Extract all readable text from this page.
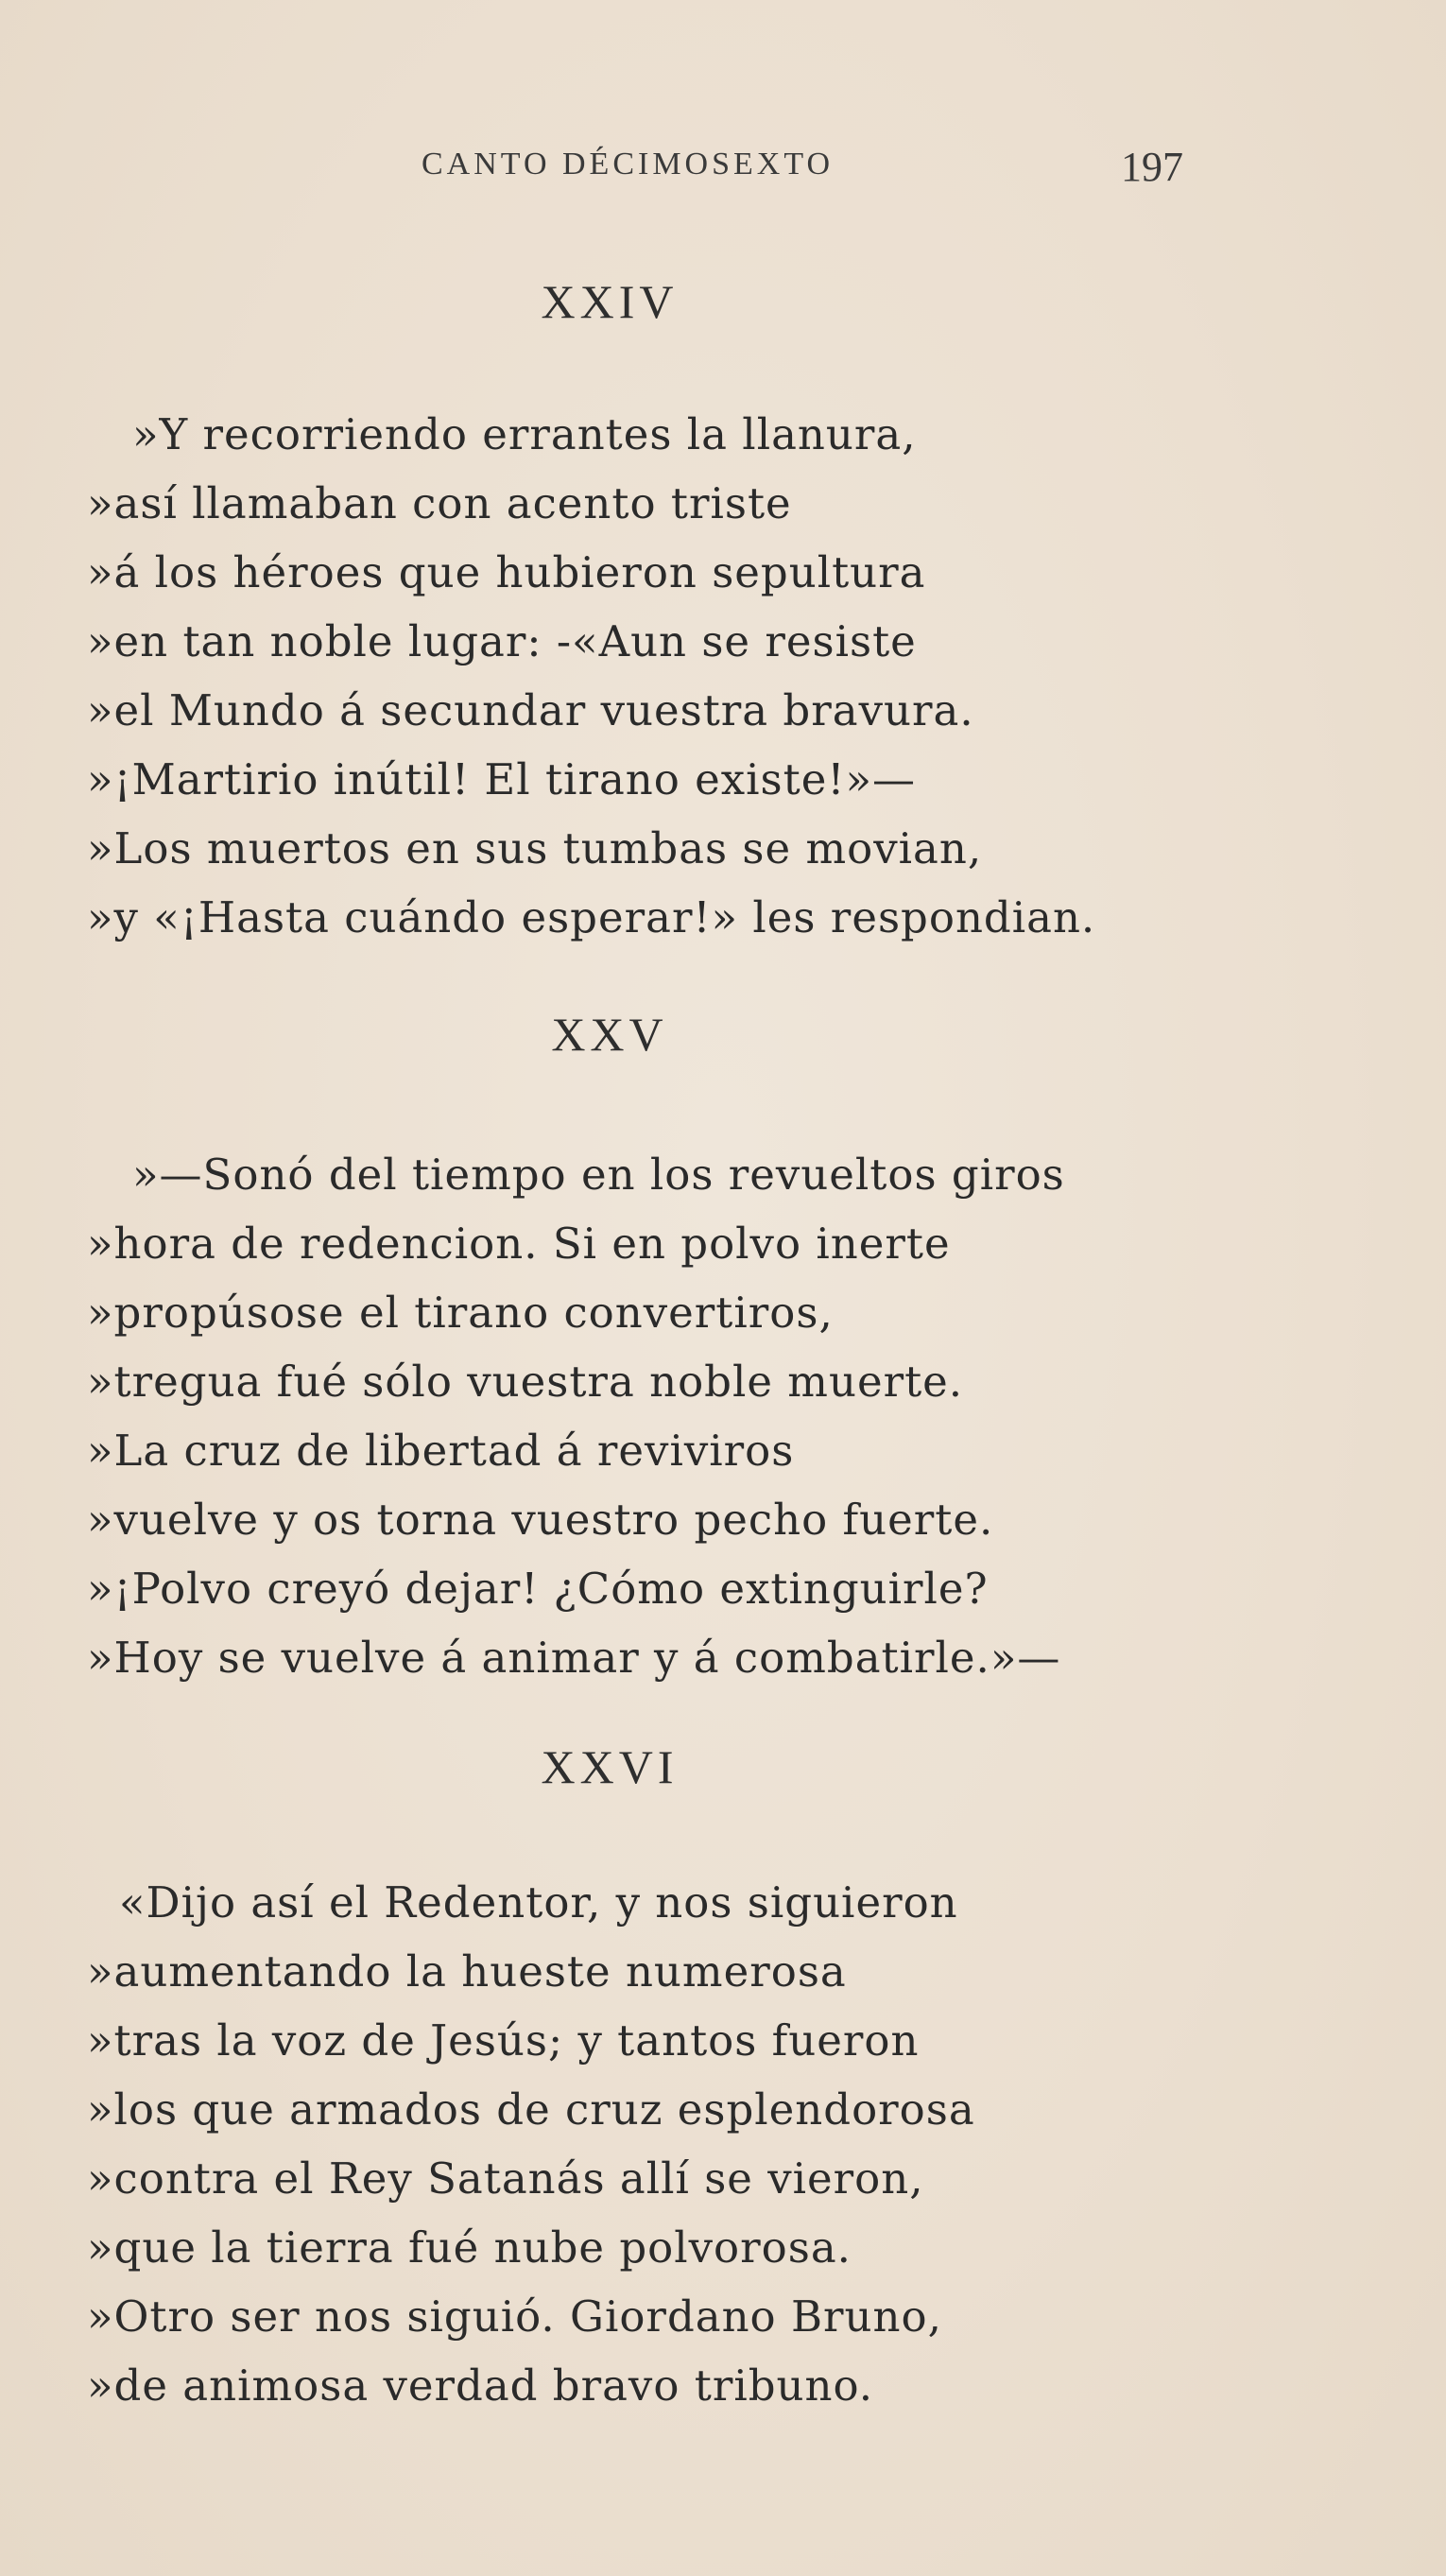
CANTO DÉCIMOSEXTO	197
XXIV
»Y recorriendo errantes la llanura,
»así llamaban con acento triste
»á los héroes que hubieron sepultura
»en tan noble lugar: -«Aun se resiste
»el Mundo á secundar vuestra bravura.
»¡Martirio inútil! El tirano existe!»—
»Los muertos en sus tumbas se movian,
»y «¡Hasta cuándo esperar!» les respondian.
XXV
»—Sonó del tiempo en los revueltos giros
»hora de redencion. Si en polvo inerte
»propúsose el tirano convertiros,
»tregua fué sólo vuestra noble muerte.
»La cruz de libertad á reviviros
»vuelve y os torna vuestro pecho fuerte.
»¡Polvo creyó dejar! ¿Cómo extinguirle?
»Hoy se vuelve á animar y á combatirle.»—
XXVI
«Dijo así el Redentor, y nos siguieron
»aumentando la hueste numerosa
»tras la voz de Jesús; y tantos fueron
»los que armados de cruz esplendorosa
»contra el Rey Satanás allí se vieron,
»que la tierra fué nube polvorosa.
»Otro ser nos siguió. Giordano Bruno,
»de animosa verdad bravo tribuno.
